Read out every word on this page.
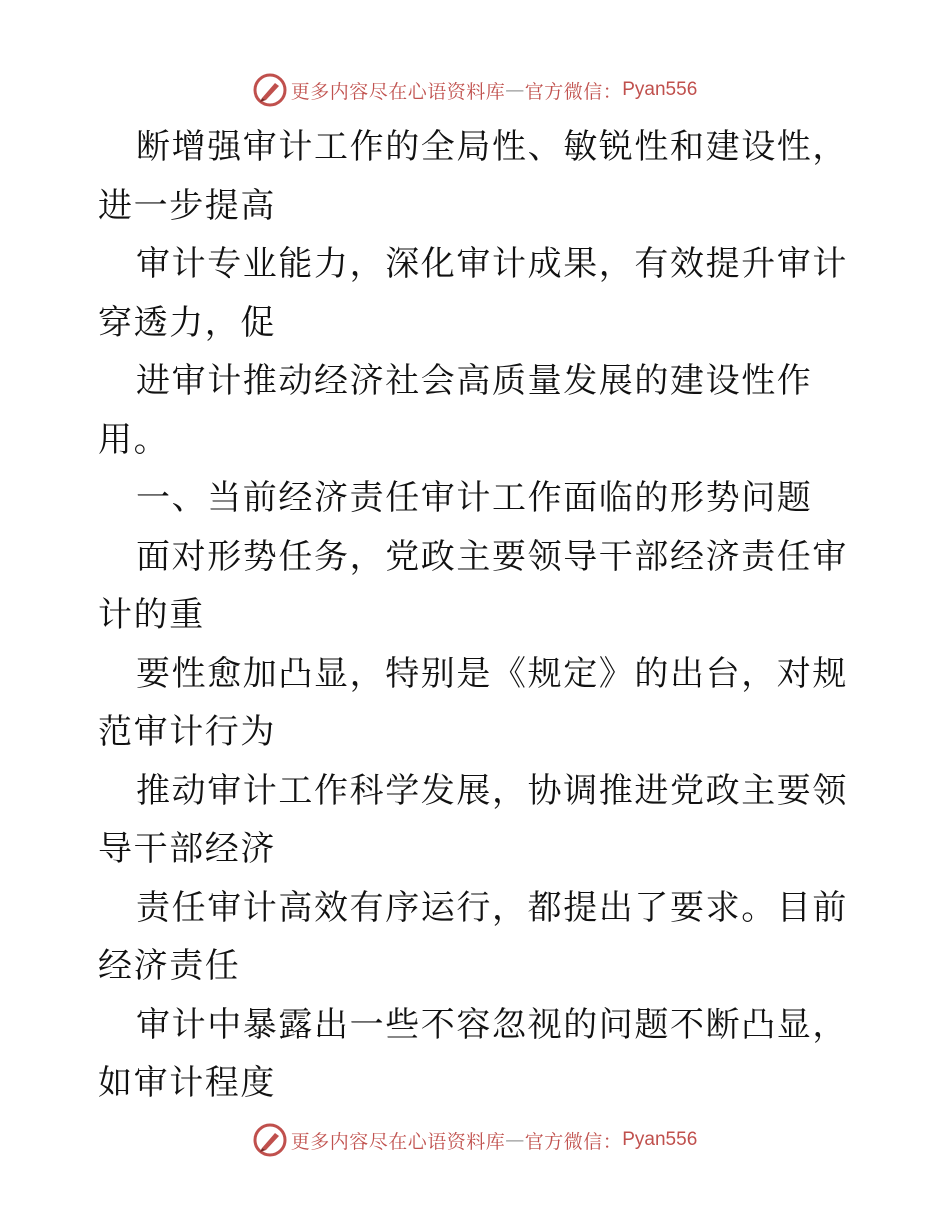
更多内容尽在心语资料库 — 官方微信： Pyan556

断增强审计工作的全局性、敏锐性和建设性，进一步提高

审计专业能力，深化审计成果，有效提升审计穿透力，促

进审计推动经济社会高质量发展的建设性作用。

一、当前经济责任审计工作面临的形势问题

面对形势任务，党政主要领导干部经济责任审计的重

要性愈加凸显，特别是《规定》的出台，对规范审计行为

推动审计工作科学发展，协调推进党政主要领导干部经济

责任审计高效有序运行，都提出了要求。目前经济责任

审计中暴露出一些不容忽视的问题不断凸显，如审计程度

更多内容尽在心语资料库 — 官方微信： Pyan556
